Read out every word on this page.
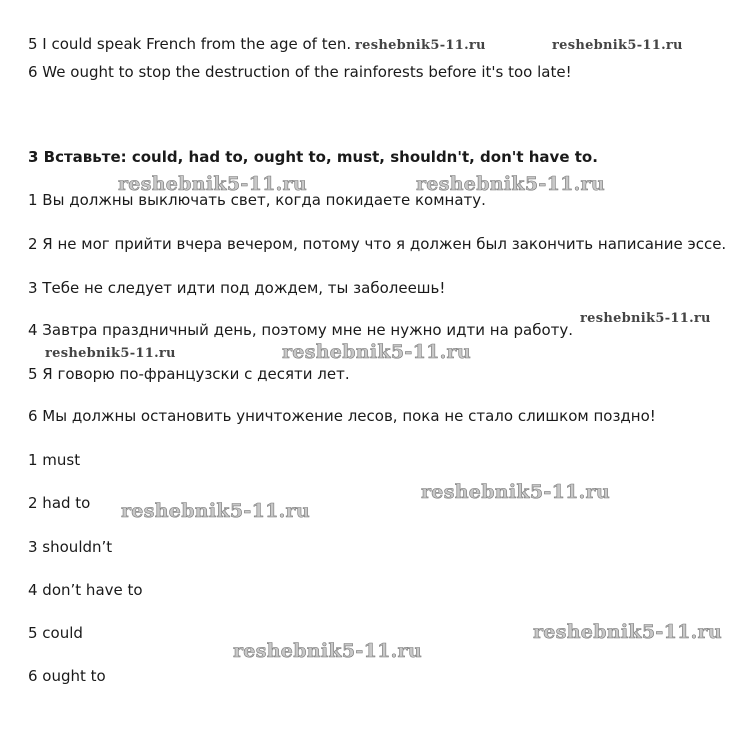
5 I could speak French from the age of ten.

6 We ought to stop the destruction of the rainforests before it's too late!

3 Вставьте: could, had to, ought to, must, shouldn't, don't have to.

1 Вы должны выключать свет, когда покидаете комнату.

2 Я не мог прийти вчера вечером, потому что я должен был закончить написание эссе.

3 Тебе не следует идти под дождем, ты заболеешь!

4 Завтра праздничный день, поэтому мне не нужно идти на работу.

5 Я говорю по-французски с десяти лет.

6 Мы должны остановить уничтожение лесов, пока не стало слишком поздно!

1 must

2 had to

3 shouldn’t

4 don’t have to

5 could

6 ought to

reshebnik5-11.ru	reshebnik5-11.ru
reshebnik5-11.ru	reshebnik5-11.ru
reshebnik5-11.ru
reshebnik5-11.ru	reshebnik5-11.ru
reshebnik5-11.ru
reshebnik5-11.ru
reshebnik5-11.ru
reshebnik5-11.ru
